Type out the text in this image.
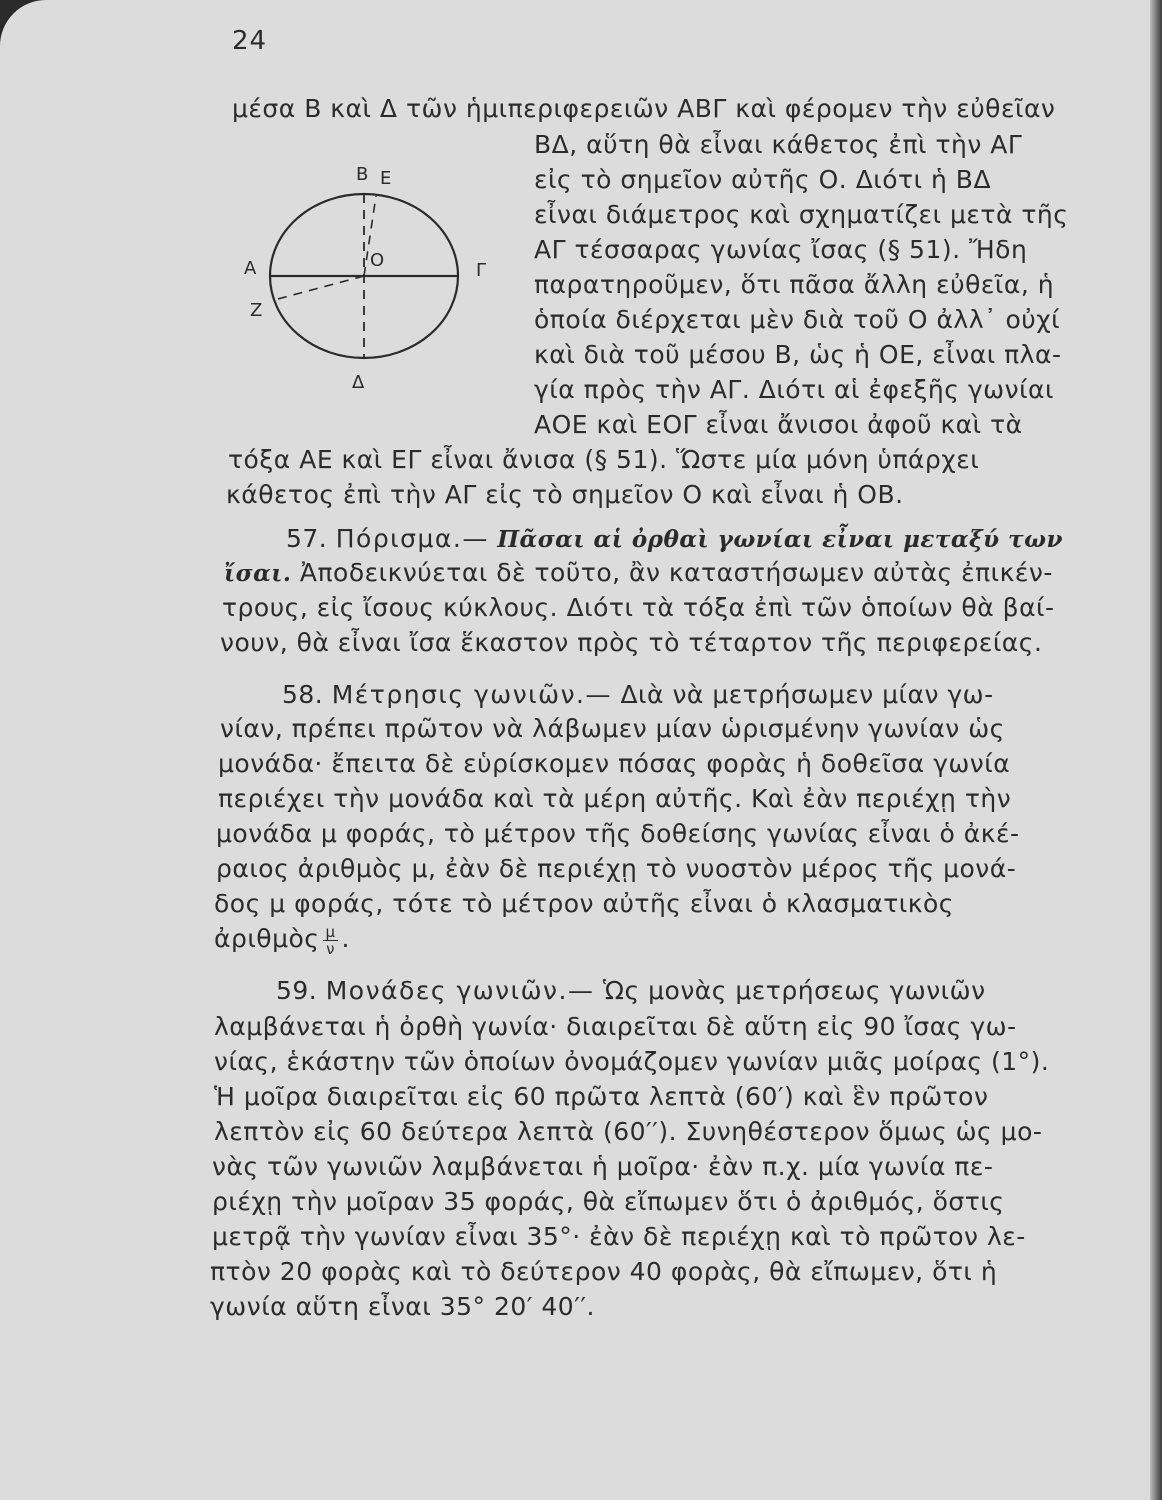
24
Β Ε
Α	Ο	Γ
Ζ
Δ
μέσα Β καὶ Δ τῶν ἡμιπεριφερειῶν ΑΒΓ καὶ φέρομεν τὴν εὐθεῖαν
ΒΔ, αὕτη θὰ εἶναι κάθετος ἐπὶ τὴν ΑΓ
εἰς τὸ σημεῖον αὐτῆς Ο. Διότι ἡ ΒΔ
εἶναι διάμετρος καὶ σχηματίζει μετὰ τῆς
ΑΓ τέσσαρας γωνίας ἴσας (§ 51). Ἤδη
παρατηροῦμεν, ὅτι πᾶσα ἄλλη εὐθεῖα, ἡ
ὁποία διέρχεται μὲν διὰ τοῦ Ο ἀλλ᾽ οὐχί
καὶ διὰ τοῦ μέσου Β, ὡς ἡ ΟΕ, εἶναι πλα-
γία πρὸς τὴν ΑΓ. Διότι αἱ ἐφεξῆς γωνίαι
ΑΟΕ καὶ ΕΟΓ εἶναι ἄνισοι ἀφοῦ καὶ τὰ
τόξα ΑΕ καὶ ΕΓ εἶναι ἄνισα (§ 51). Ὥστε μία μόνη ὑπάρχει
κάθετος ἐπὶ τὴν ΑΓ εἰς τὸ σημεῖον Ο καὶ εἶναι ἡ ΟΒ.
57. Πόρισμα.— Πᾶσαι αἱ ὀρθαὶ γωνίαι εἶναι μεταξύ των
ἴσαι. Ἀποδεικνύεται δὲ τοῦτο, ἂν καταστήσωμεν αὐτὰς ἐπικέν-
τρους, εἰς ἴσους κύκλους. Διότι τὰ τόξα ἐπὶ τῶν ὁποίων θὰ βαί-
νουν, θὰ εἶναι ἴσα ἕκαστον πρὸς τὸ τέταρτον τῆς περιφερείας.
58. Μέτρησις γωνιῶν.— Διὰ νὰ μετρήσωμεν μίαν γω-
νίαν, πρέπει πρῶτον νὰ λάβωμεν μίαν ὡρισμένην γωνίαν ὡς
μονάδα· ἔπειτα δὲ εὑρίσκομεν πόσας φορὰς ἡ δοθεῖσα γωνία
περιέχει τὴν μονάδα καὶ τὰ μέρη αὐτῆς. Καὶ ἐὰν περιέχῃ τὴν
μονάδα μ φοράς, τὸ μέτρον τῆς δοθείσης γωνίας εἶναι ὁ ἀκέ-
ραιος ἀριθμὸς μ, ἐὰν δὲ περιέχῃ τὸ νυοστὸν μέρος τῆς μονά-
δος μ φοράς, τότε τὸ μέτρον αὐτῆς εἶναι ὁ κλασματικὸς
ἀριθμὸς $\frac{\mu}{\nu}$ .
59. Μονάδες γωνιῶν.— Ὡς μονὰς μετρήσεως γωνιῶν
λαμβάνεται ἡ ὀρθὴ γωνία· διαιρεῖται δὲ αὕτη εἰς 90 ἴσας γω-
νίας, ἑκάστην τῶν ὁποίων ὀνομάζομεν γωνίαν μιᾶς μοίρας (1°).
Ἡ μοῖρα διαιρεῖται εἰς 60 πρῶτα λεπτὰ (60′) καὶ ἓν πρῶτον
λεπτὸν εἰς 60 δεύτερα λεπτὰ (60′′). Συνηθέστερον ὅμως ὡς μο-
νὰς τῶν γωνιῶν λαμβάνεται ἡ μοῖρα· ἐὰν π.χ. μία γωνία πε-
ριέχῃ τὴν μοῖραν 35 φοράς, θὰ εἴπωμεν ὅτι ὁ ἀριθμός, ὅστις
μετρᾷ τὴν γωνίαν εἶναι 35°· ἐὰν δὲ περιέχῃ καὶ τὸ πρῶτον λε-
πτὸν 20 φορὰς καὶ τὸ δεύτερον 40 φορὰς, θὰ εἴπωμεν, ὅτι ἡ
γωνία αὕτη εἶναι 35° 20′ 40′′.
